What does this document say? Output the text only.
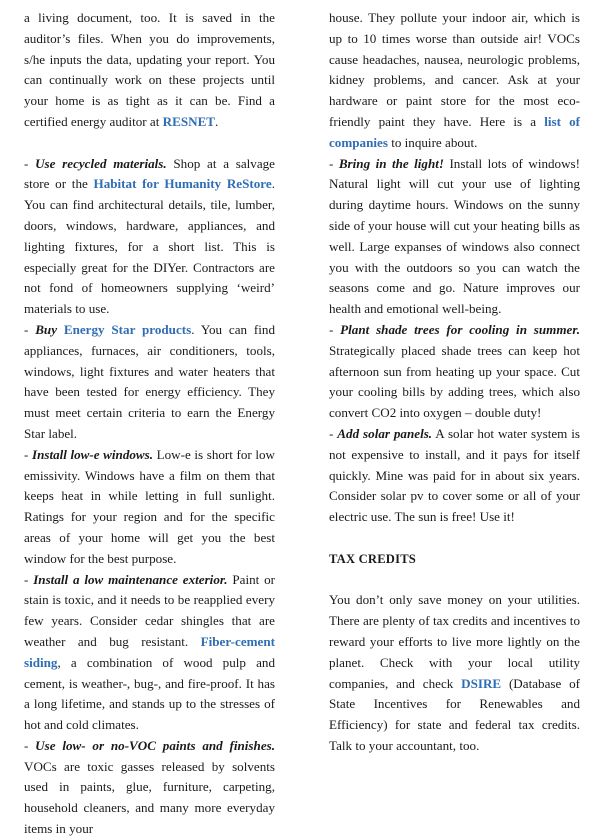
a living document, too. It is saved in the auditor’s files. When you do improvements, s/he inputs the data, updating your report. You can continually work on these projects until your home is as tight as it can be. Find a certified energy auditor at RESNET.

- Use recycled materials. Shop at a salvage store or the Habitat for Humanity ReStore. You can find architectural details, tile, lumber, doors, windows, hardware, appliances, and lighting fixtures, for a short list. This is especially great for the DIYer. Contractors are not fond of homeowners supplying ‘weird’ materials to use.

- Buy Energy Star products. You can find appliances, furnaces, air conditioners, tools, windows, light fixtures and water heaters that have been tested for energy efficiency. They must meet certain criteria to earn the Energy Star label.

- Install low-e windows. Low-e is short for low emissivity. Windows have a film on them that keeps heat in while letting in full sunlight. Ratings for your region and for the specific areas of your home will get you the best window for the best purpose.

- Install a low maintenance exterior. Paint or stain is toxic, and it needs to be reapplied every few years. Consider cedar shingles that are weather and bug resistant. Fiber-cement siding, a combination of wood pulp and cement, is weather-, bug-, and fire-proof. It has a long lifetime, and stands up to the stresses of hot and cold climates.

- Use low- or no-VOC paints and finishes. VOCs are toxic gasses released by solvents used in paints, glue, furniture, carpeting, household cleaners, and many more everyday items in your

house. They pollute your indoor air, which is up to 10 times worse than outside air! VOCs cause headaches, nausea, neurologic problems, kidney problems, and cancer. Ask at your hardware or paint store for the most eco-friendly paint they have. Here is a list of companies to inquire about.

- Bring in the light! Install lots of windows! Natural light will cut your use of lighting during daytime hours. Windows on the sunny side of your house will cut your heating bills as well. Large expanses of windows also connect you with the outdoors so you can watch the seasons come and go. Nature improves our health and emotional well-being.

- Plant shade trees for cooling in summer. Strategically placed shade trees can keep hot afternoon sun from heating up your space. Cut your cooling bills by adding trees, which also convert CO2 into oxygen – double duty!

- Add solar panels. A solar hot water system is not expensive to install, and it pays for itself quickly. Mine was paid for in about six years. Consider solar pv to cover some or all of your electric use. The sun is free! Use it!

TAX CREDITS

You don’t only save money on your utilities. There are plenty of tax credits and incentives to reward your efforts to live more lightly on the planet. Check with your local utility companies, and check DSIRE (Database of State Incentives for Renewables and Efficiency) for state and federal tax credits. Talk to your accountant, too.
